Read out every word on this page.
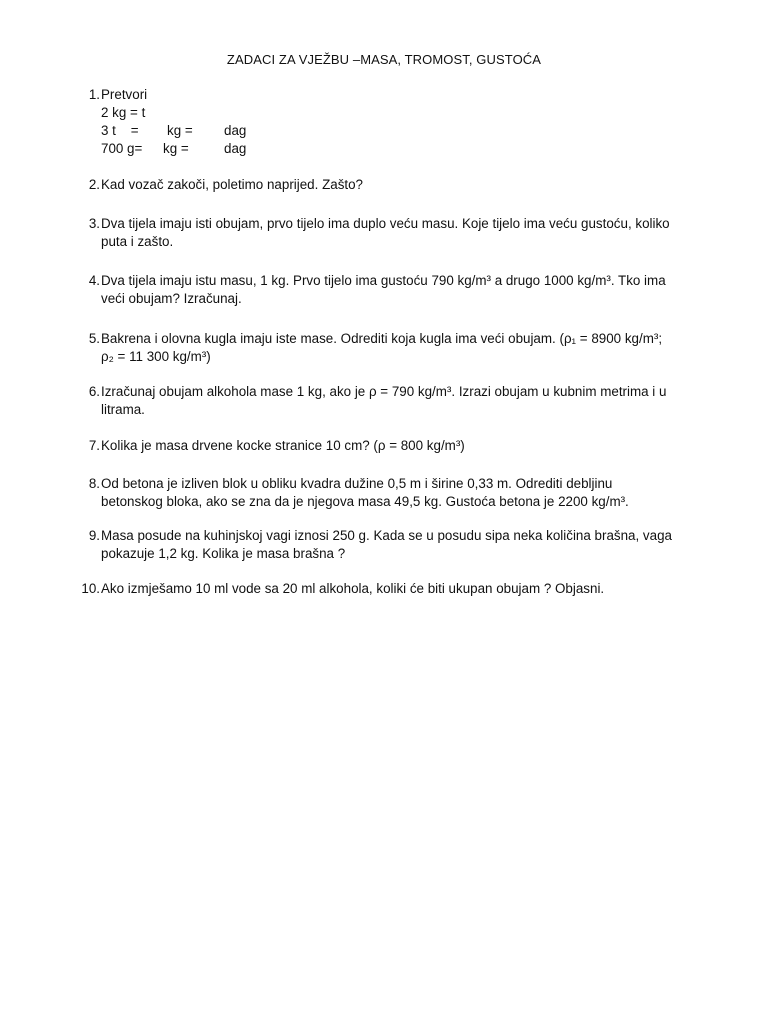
ZADACI ZA VJEŽBU –MASA, TROMOST, GUSTOĆA
1. Pretvori
2 kg = t
3 t    = kg = dag
700 g= kg =	dag
2. Kad vozač zakoči, poletimo naprijed. Zašto?
3. Dva tijela imaju isti obujam, prvo tijelo ima duplo veću masu. Koje tijelo ima veću gustoću, koliko
puta i zašto.
4. Dva tijela imaju istu masu, 1 kg. Prvo tijelo ima gustoću 790 kg/m³ a drugo 1000 kg/m³. Tko ima
veći obujam? Izračunaj.
5. Bakrena i olovna kugla imaju iste mase. Odrediti koja kugla ima veći obujam. (ρ₁ = 8900 kg/m³;
ρ₂ = 11 300 kg/m³)
6. Izračunaj obujam alkohola mase 1 kg, ako je ρ = 790 kg/m³. Izrazi obujam u kubnim metrima i u
litrama.
7. Kolika je masa drvene kocke stranice 10 cm? (ρ = 800 kg/m³)
8. Od betona je izliven blok u obliku kvadra dužine 0,5 m i širine 0,33 m. Odrediti debljinu
betonskog bloka, ako se zna da je njegova masa 49,5 kg. Gustoća betona je 2200 kg/m³.
9. Masa posude na kuhinjskoj vagi iznosi 250 g. Kada se u posudu sipa neka količina brašna, vaga
pokazuje 1,2 kg. Kolika je masa brašna ?
10. Ako izmješamo 10 ml vode sa 20 ml alkohola, koliki će biti ukupan obujam ? Objasni.
